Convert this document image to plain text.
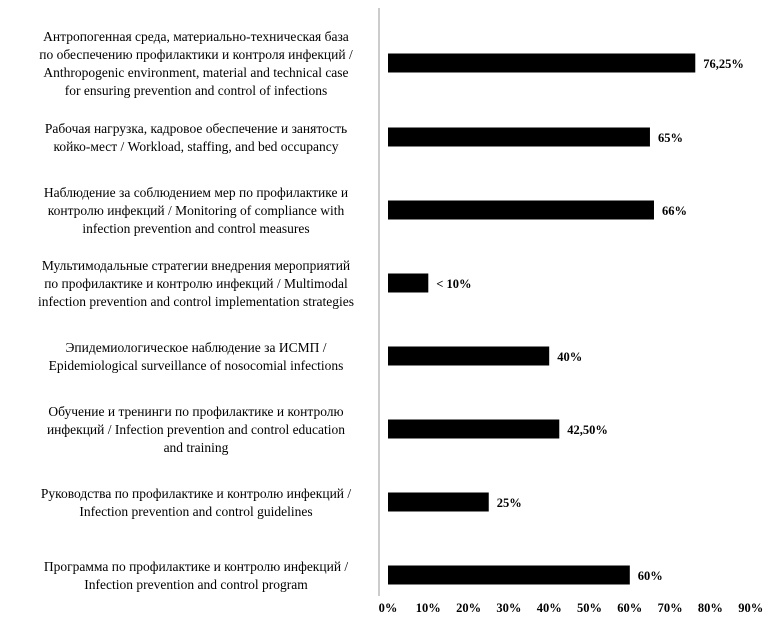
Антропогенная среда, материально-техническая база по обеспечению профилактики и контроля инфекций / Anthropogenic environment, material and technical case for ensuring prevention and control of infections
Рабочая нагрузка, кадровое обеспечение и занятость койко-мест / Workload, staffing, and bed occupancy
Наблюдение за соблюдением мер по профилактике и контролю инфекций / Monitoring of compliance with infection prevention and control measures
Мультимодальные стратегии внедрения мероприятий по профилактике и контролю инфекций / Multimodal infection prevention and control implementation strategies
Эпидемиологическое наблюдение за ИСМП / Epidemiological surveillance of nosocomial infections
Обучение и тренинги по профилактике и контролю инфекций / Infection prevention and control education and training
Руководства по профилактике и контролю инфекций / Infection prevention and control guidelines
Программа по профилактике и контролю инфекций / Infection prevention and control program
76,25%
65%
66%
< 10%
40%
42,50%
25%
60%
0% 10% 20% 30% 40% 50% 60% 70% 80% 90%
